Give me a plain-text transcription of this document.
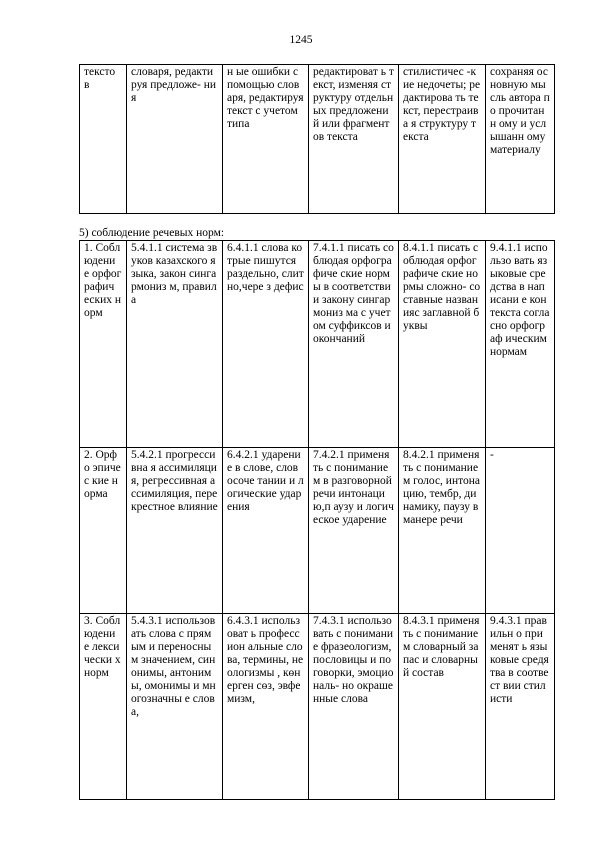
1245
тексто в	словаря, редактируя предложе- ния	н ые ошибки с помощью словаря, редактируя текст с учетом типа	редактироват ь текст, изменяя структуру отдельных предложений или фрагментов текста	стилистичес -кие недочеты; редактирова ть текст, перестраива я структуру текста	сохраняя основную мысль автора по прочитанн ому и услышанн ому материалу
5) соблюдение речевых норм:
1. Собл юдени е орфог рафич еских норм	5.4.1.1 система звуков казахского языка, закон сингармониз м, правила	6.4.1.1 слова котрые пишутся раздельно, слитно,чере з дефис	7.4.1.1 писать соблюдая орфографиче ские нормы в соответствии закону сингармониз ма с учетом суффиксов и окончаний	8.4.1.1 писать соблюдая орфографиче ские нормы сложно- составные названияс заглавной буквы	9.4.1.1 использо вать языковые средства в написани е контекста согласно орфограф ическим нормам
2. Орфо эпиче с кие норма	5.4.2.1 прогрессивна я ассимиляция, регрессивная ассимиляция, перекрестное влияние	6.4.2.1 ударение в слове, словосоче тании и логические ударения	7.4.2.1 применять с пониманием в разговорной речи интонацию,п аузу и логическое ударение	8.4.2.1 применять с пониманием голос, интонацию, тембр, динамику, паузу в манере речи	-
3. Собл юдени е лекси чески х норм	5.4.3.1 использовать слова с прямым и переносным значением, синонимы, антонимы, омонимы и многозначны е слова,	6.4.3.1 использоват ь профессион альные слова, термины, неологизмы , көнерген сөз, эвфемизм,	7.4.3.1 использовать с понимание фразеологизм, пословицы и поговорки, эмоциональ- но окрашенные слова	8.4.3.1 применять с пониманием словарный запас и словарный состав	9.4.3.1 правильн о применят ь языковые средятва в соотвест вии стилисти
